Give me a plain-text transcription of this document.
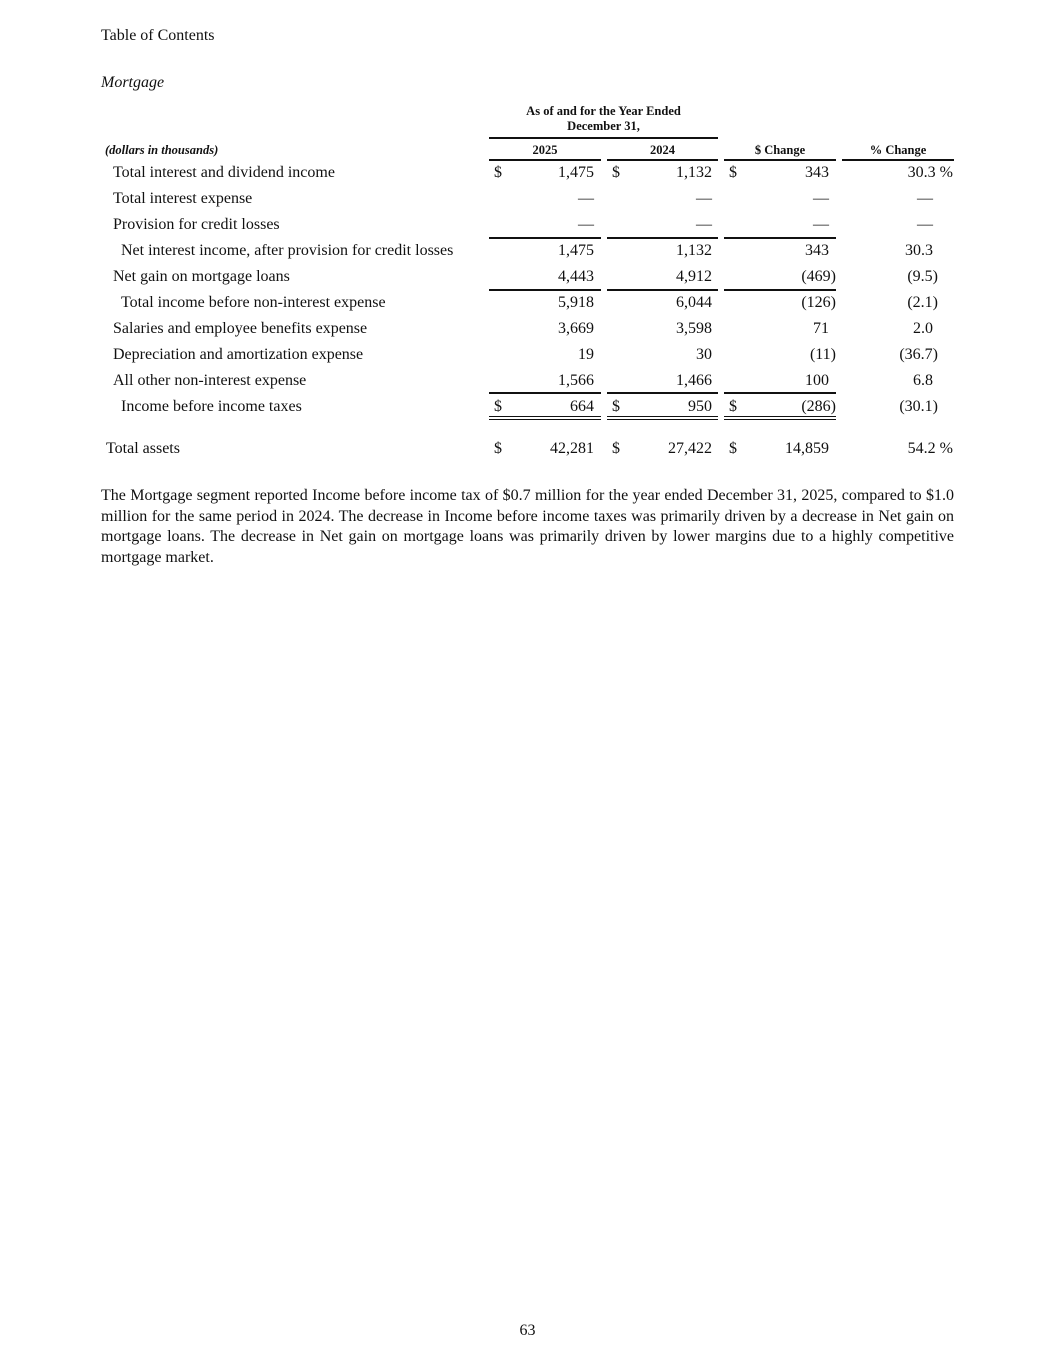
Table of Contents
Mortgage
As of and for the Year Ended
December 31,
(dollars in thousands)	2025	2024	$ Change	% Change
Total interest and dividend income	$	1,475 $	1,132 $	343	30.3 %
Total interest expense	—	—	—	—
Provision for credit losses	—	—	—	—
Net interest income, after provision for credit losses	1,475	1,132	343	30.3
Net gain on mortgage loans	4,443	4,912	(469)	(9.5)
Total income before non-interest expense	5,918	6,044	(126)	(2.1)
Salaries and employee benefits expense	3,669	3,598	71	2.0
Depreciation and amortization expense	19	30	(11)	(36.7)
All other non-interest expense	1,566	1,466	100	6.8
Income before income taxes	$	664 $	950 $	(286)	(30.1)
Total assets	$	42,281 $	27,422 $	14,859	54.2 %
The Mortgage segment reported Income before income tax of $0.7 million for the year ended December 31, 2025, compared to $1.0 million for the same period in 2024. The decrease in Income before income taxes was primarily driven by a decrease in Net gain on mortgage loans. The decrease in Net gain on mortgage loans was primarily driven by lower margins due to a highly competitive mortgage market.
63
